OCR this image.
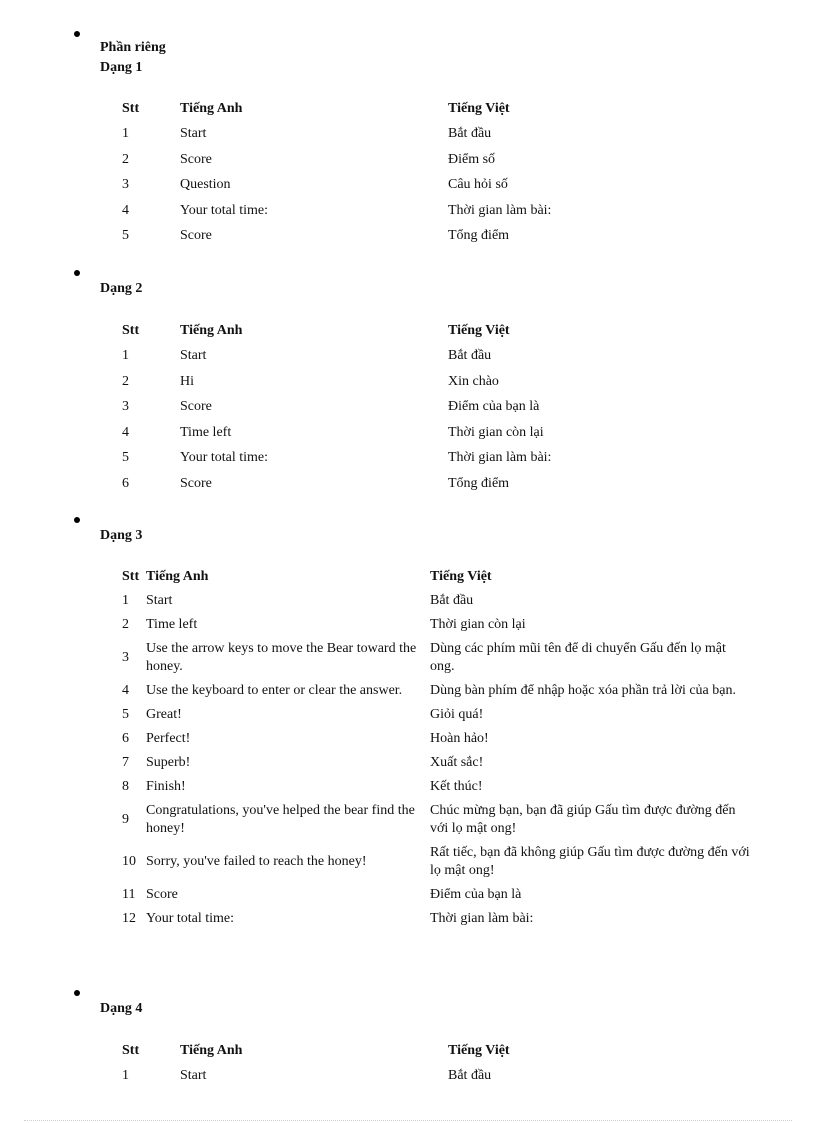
Phần riêng
Dạng 1
Stt	Tiếng Anh	Tiếng Việt
1	Start	Bắt đầu
2	Score	Điểm số
3	Question	Câu hỏi số
4	Your total time:	Thời gian làm bài:
5	Score	Tổng điểm
Dạng 2
Stt	Tiếng Anh	Tiếng Việt
1	Start	Bắt đầu
2	Hi	Xin chào
3	Score	Điểm của bạn là
4	Time left	Thời gian còn lại
5	Your total time:	Thời gian làm bài:
6	Score	Tổng điểm
Dạng 3
Stt	Tiếng Anh	Tiếng Việt
1	Start	Bắt đầu
2	Time left	Thời gian còn lại
3	Use the arrow keys to move the Bear toward the honey.	Dùng các phím mũi tên để di chuyển Gấu đến lọ mật ong.
4	Use the keyboard to enter or clear the answer.	Dùng bàn phím để nhập hoặc xóa phần trả lời của bạn.
5	Great!	Giỏi quá!
6	Perfect!	Hoàn hảo!
7	Superb!	Xuất sắc!
8	Finish!	Kết thúc!
9	Congratulations, you've helped the bear find the honey!	Chúc mừng bạn, bạn đã giúp Gấu tìm được đường đến với lọ mật ong!
10	Sorry, you've failed to reach the honey!	Rất tiếc, bạn đã không giúp Gấu tìm được đường đến với lọ mật ong!
11	Score	Điểm của bạn là
12	Your total time:	Thời gian làm bài:
Dạng 4
Stt	Tiếng Anh	Tiếng Việt
1	Start	Bắt đầu
